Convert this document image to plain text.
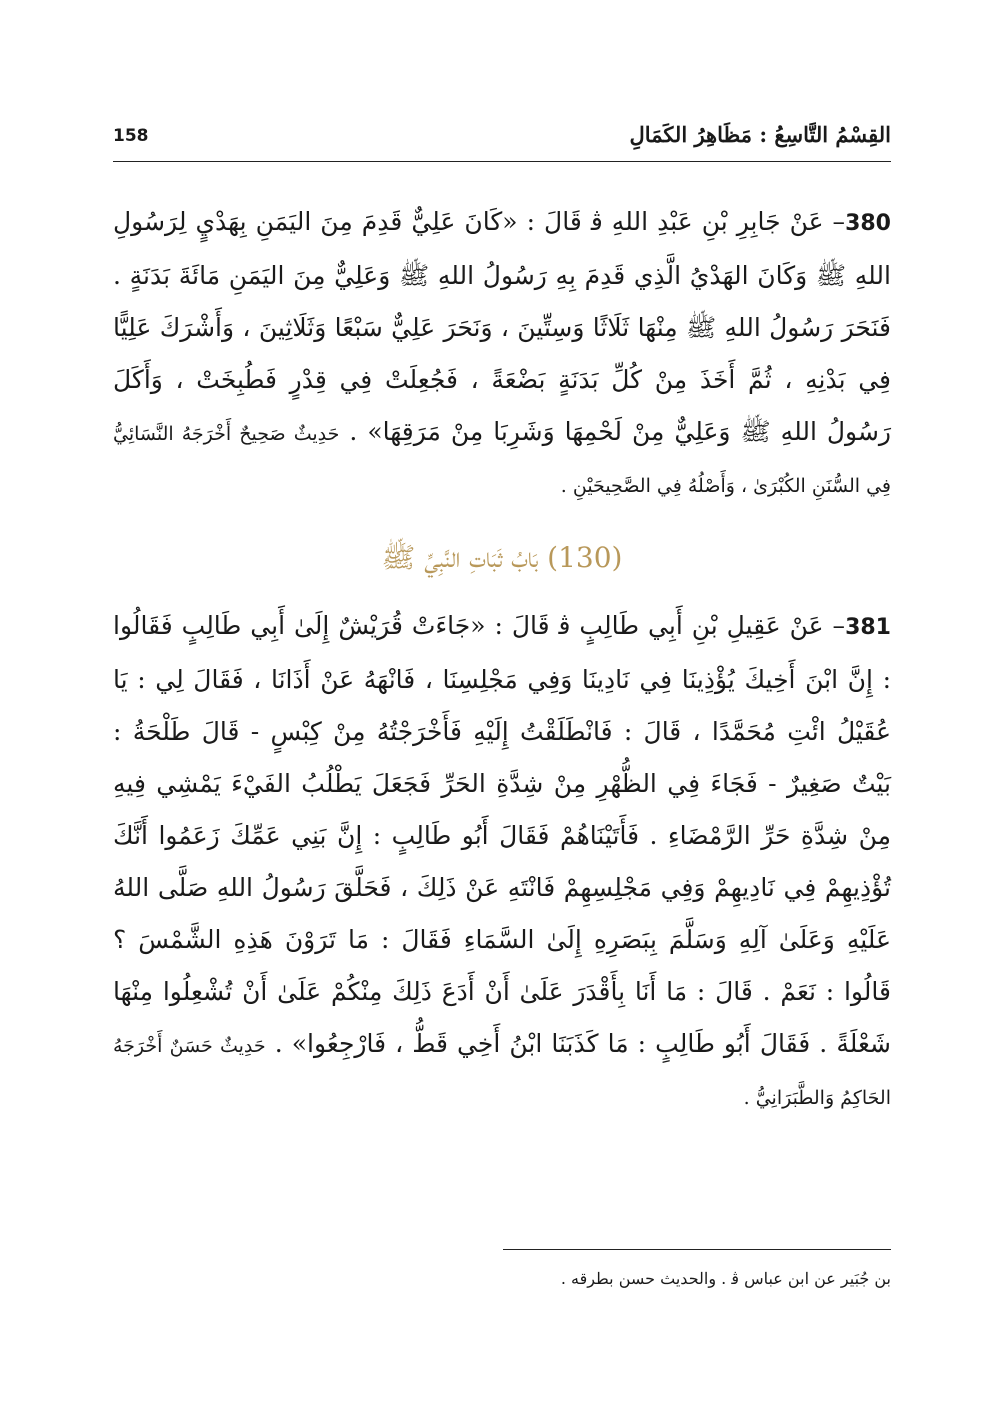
القِسْمُ التَّاسِعُ : مَظَاهِرُ الكَمَالِ
158

380– عَنْ جَابِرِ بْنِ عَبْدِ اللهِ ﭬ قَالَ : «كَانَ عَلِيٌّ قَدِمَ مِنَ اليَمَنِ بِهَدْيٍ لِرَسُولِ اللهِ ﷺ وَكَانَ الهَدْيُ الَّذِي قَدِمَ بِهِ رَسُولُ اللهِ ﷺ وَعَلِيٌّ مِنَ اليَمَنِ مَائَةَ بَدَنَةٍ . فَنَحَرَ رَسُولُ اللهِ ﷺ مِنْهَا ثَلَاثًا وَسِتِّينَ ، وَنَحَرَ عَلِيٌّ سَبْعًا وَثَلَاثِينَ ، وَأَشْرَكَ عَلِيًّا فِي بَدْنِهِ ، ثُمَّ أَخَذَ مِنْ كُلِّ بَدَنَةٍ بَضْعَةً ، فَجُعِلَتْ فِي قِدْرٍ فَطُبِخَتْ ، وَأَكَلَ رَسُولُ اللهِ ﷺ وَعَلِيٌّ مِنْ لَحْمِهَا وَشَرِبَا مِنْ مَرَقِهَا» . حَدِيثٌ صَحِيحٌ أَخْرَجَهُ النَّسَائِيُّ فِي السُّنَنِ الكُبْرَىٰ ، وَأَصْلُهُ فِي الصَّحِيحَيْنِ .

(130) بَابُ ثَبَاتِ النَّبِيِّ ﷺ

381– عَنْ عَقِيلِ بْنِ أَبِي طَالِبٍ ﭬ قَالَ : «جَاءَتْ قُرَيْشٌ إِلَىٰ أَبِي طَالِبٍ فَقَالُوا : إِنَّ ابْنَ أَخِيكَ يُؤْذِينَا فِي نَادِينَا وَفِي مَجْلِسِنَا ، فَانْهَهُ عَنْ أَذَانَا ، فَقَالَ لِي : يَا عُقَيْلُ ائْتِ مُحَمَّدًا ، قَالَ : فَانْطَلَقْتُ إِلَيْهِ فَأَخْرَجْتُهُ مِنْ كِبْسٍ - قَالَ طَلْحَةُ : بَيْتٌ صَغِيرٌ - فَجَاءَ فِي الظُّهْرِ مِنْ شِدَّةِ الحَرِّ فَجَعَلَ يَطْلُبُ الفَيْءَ يَمْشِي فِيهِ مِنْ شِدَّةِ حَرِّ الرَّمْضَاءِ . فَأَتَيْنَاهُمْ فَقَالَ أَبُو طَالِبٍ : إِنَّ بَنِي عَمِّكَ زَعَمُوا أَنَّكَ تُؤْذِيهِمْ فِي نَادِيهِمْ وَفِي مَجْلِسِهِمْ فَانْتَهِ عَنْ ذَلِكَ ، فَحَلَّقَ رَسُولُ اللهِ صَلَّى اللهُ عَلَيْهِ وَعَلَىٰ آلِهِ وَسَلَّمَ بِبَصَرِهِ إِلَىٰ السَّمَاءِ فَقَالَ : مَا تَرَوْنَ هَذِهِ الشَّمْسَ ؟ قَالُوا : نَعَمْ . قَالَ : مَا أَنَا بِأَقْدَرَ عَلَىٰ أَنْ أَدَعَ ذَلِكَ مِنْكُمْ عَلَىٰ أَنْ تُشْعِلُوا مِنْهَا شَعْلَةً . فَقَالَ أَبُو طَالِبٍ : مَا كَذَبَنَا ابْنُ أَخِي قَطُّ ، فَارْجِعُوا» . حَدِيثٌ حَسَنٌ أَخْرَجَهُ الحَاكِمُ وَالطَّبَرَانِيُّ .

بن جُبَير عن ابن عباس ﭬ . والحديث حسن بطرقه .
